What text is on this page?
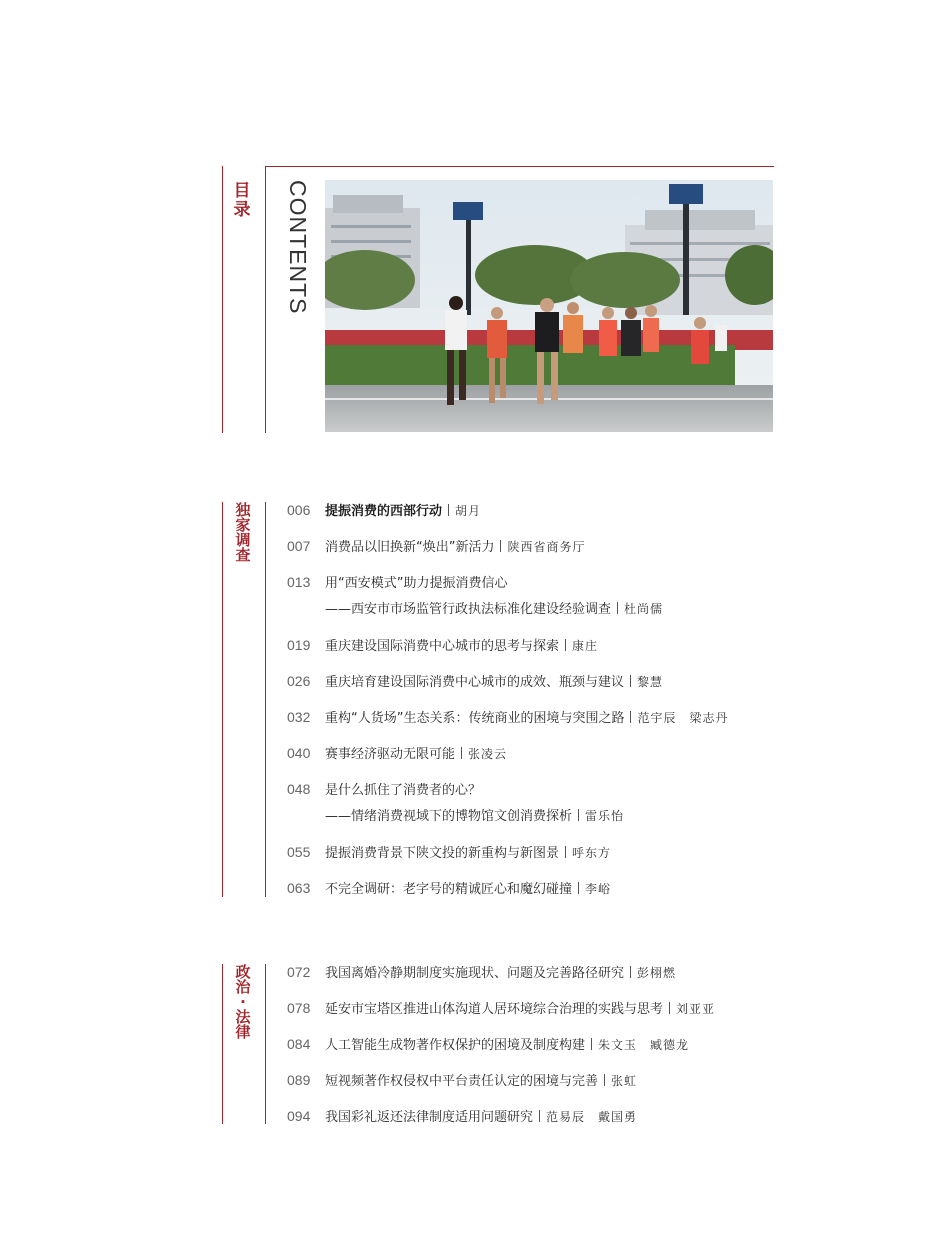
目
录 CONTENTS
独
家
调
查
006 提振消费的西部行动 胡月
007 消费品以旧换新“焕出”新活力 陕西省商务厅
013 用“西安模式”助力提振消费信心
——西安市市场监管行政执法标准化建设经验调查 杜尚儒
019 重庆建设国际消费中心城市的思考与探索 康庄
026 重庆培育建设国际消费中心城市的成效、瓶颈与建议 黎慧
032 重构“人货场”生态关系：传统商业的困境与突围之路 范宇辰　梁志丹
040 赛事经济驱动无限可能 张凌云
048 是什么抓住了消费者的心？
——情绪消费视域下的博物馆文创消费探析 雷乐怡
055 提振消费背景下陕文投的新重构与新图景 呼东方
063 不完全调研：老字号的精诚匠心和魔幻碰撞 李峪
政
治
·
法
律
072 我国离婚冷静期制度实施现状、问题及完善路径研究 彭栩燃
078 延安市宝塔区推进山体沟道人居环境综合治理的实践与思考 刘亚亚
084 人工智能生成物著作权保护的困境及制度构建 朱文玉　臧德龙
089 短视频著作权侵权中平台责任认定的困境与完善 张虹
094 我国彩礼返还法律制度适用问题研究 范易辰　戴国勇
